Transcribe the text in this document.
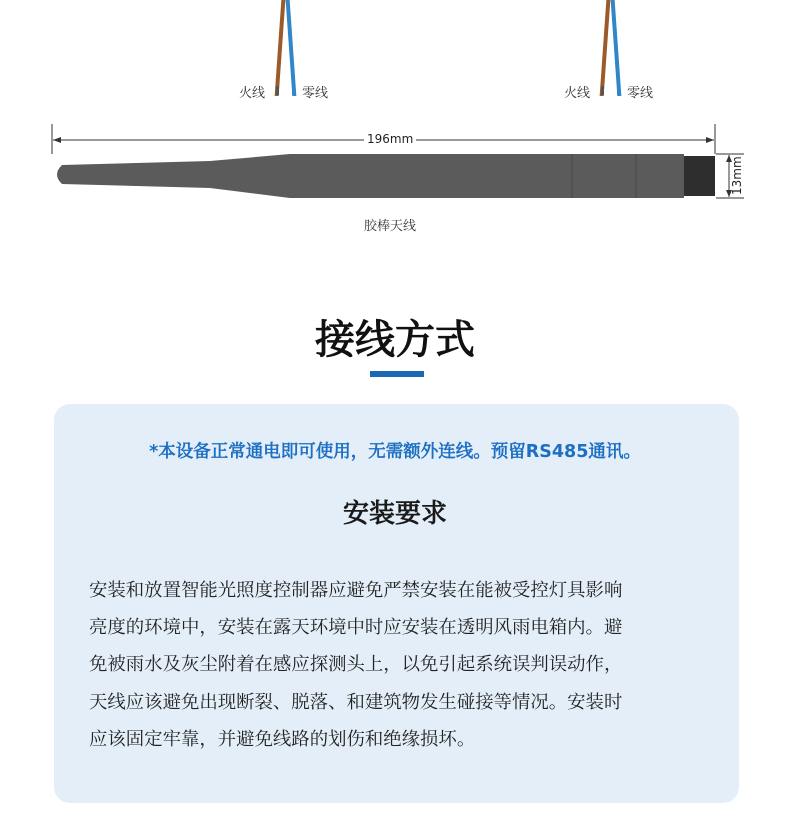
火线	零线	火线	零线
13mm
196mm
胶棒天线
接线方式
*本设备正常通电即可使用，无需额外连线。预留RS485通讯。
安装要求
安装和放置智能光照度控制器应避免严禁安装在能被受控灯具影响
亮度的环境中，安装在露天环境中时应安装在透明风雨电箱内。避
免被雨水及灰尘附着在感应探测头上，以免引起系统误判误动作，
天线应该避免出现断裂、脱落、和建筑物发生碰接等情况。安装时
应该固定牢靠，并避免线路的划伤和绝缘损坏。
